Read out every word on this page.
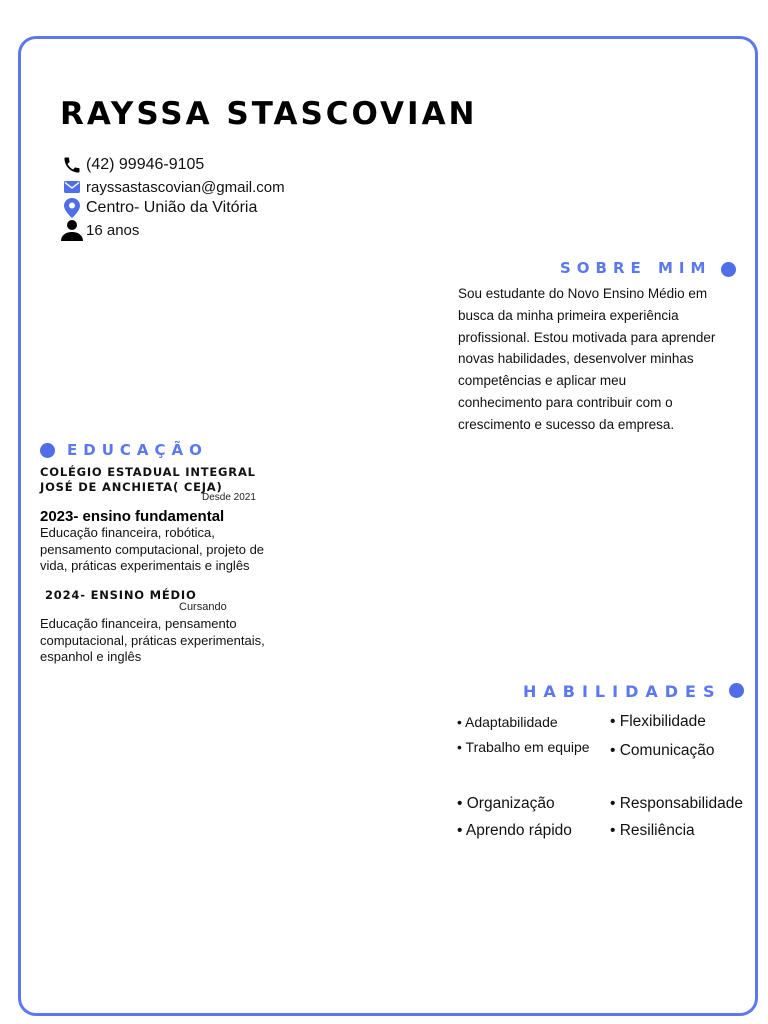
RAYSSA STASCOVIAN
(42) 99946-9105
rayssastascovian@gmail.com
Centro- União da Vitória
16 anos
SOBRE MIM
Sou estudante do Novo Ensino Médio em
busca da minha primeira experiência
profissional. Estou motivada para aprender
novas habilidades, desenvolver minhas
competências e aplicar meu
conhecimento para contribuir com o
crescimento e sucesso da empresa.
EDUCAÇÃO
COLÉGIO ESTADUAL INTEGRAL
JOSÉ DE ANCHIETA( CEJA)
Desde 2021
2023- ensino fundamental
Educação financeira, robótica,
pensamento computacional, projeto de
vida, práticas experimentais e inglês
2024- ENSINO MÉDIO
Cursando
Educação financeira, pensamento
computacional, práticas experimentais,
espanhol e inglês
HABILIDADES
• Adaptabilidade	• Flexibilidade
• Trabalho em equipe • Comunicação
• Organização	• Responsabilidade
• Aprendo rápido • Resiliência
